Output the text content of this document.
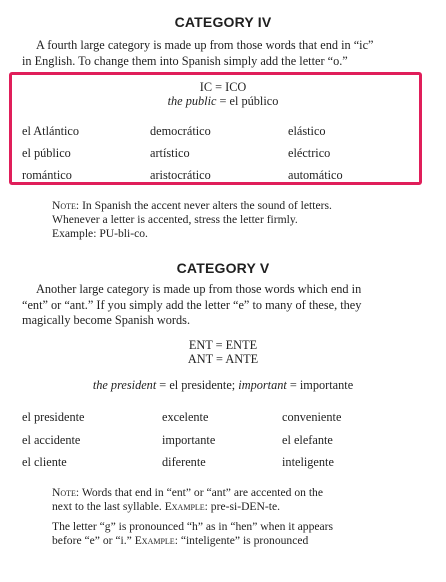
CATEGORY IV
A fourth large category is made up from those words that end in “ic”
in English. To change them into Spanish simply add the letter “o.”
IC = ICO
the public = el público
el Atlántico	democrático	elástico
el público	artístico	eléctrico
romántico	aristocrático	automático
Note: In Spanish the accent never alters the sound of letters.
Whenever a letter is accented, stress the letter firmly.
Example: PU-bli-co.
CATEGORY V
Another large category is made up from those words which end in
“ent” or “ant.” If you simply add the letter “e” to many of these, they
magically become Spanish words.
ENT = ENTE
ANT = ANTE
the president = el presidente; important = importante
el presidente	excelente	conveniente
el accidente	importante	el elefante
el cliente	diferente	inteligente
Note: Words that end in “ent” or “ant” are accented on the
next to the last syllable. Example: pre-si-DEN-te.
The letter “g” is pronounced “h” as in “hen” when it appears
before “e” or “i.” Example: “inteligente” is pronounced
